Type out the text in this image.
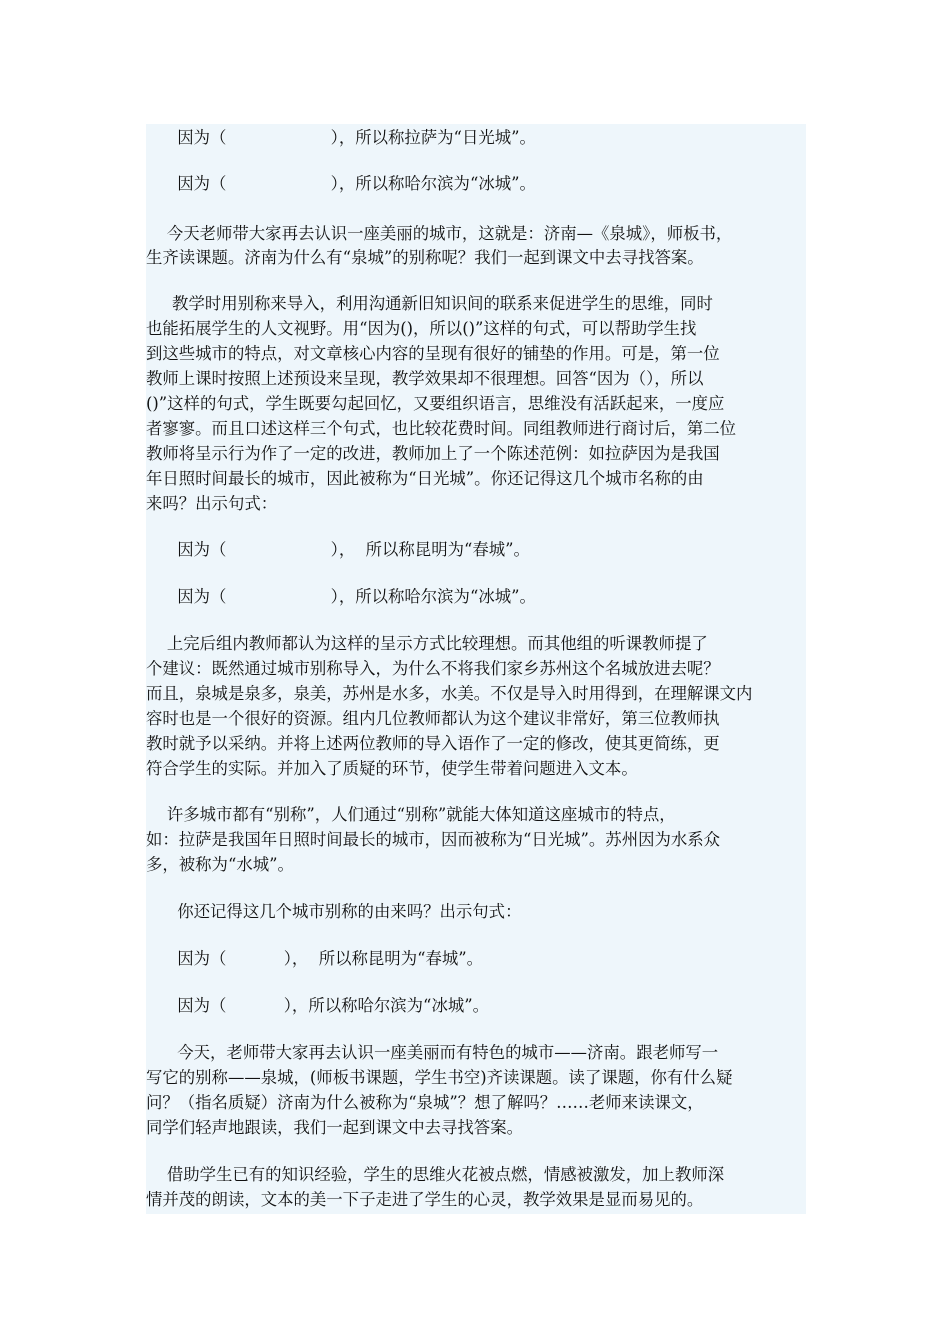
因为（                    ），所以称拉萨为“日光城”。
因为（                    ），所以称哈尔滨为“冰城”。
今天老师带大家再去认识一座美丽的城市，这就是：济南—《泉城》，师板书，
生齐读课题。济南为什么有“泉城”的别称呢？我们一起到课文中去寻找答案。
教学时用别称来导入，利用沟通新旧知识间的联系来促进学生的思维，同时
也能拓展学生的人文视野。用“因为()，所以()”这样的句式，可以帮助学生找
到这些城市的特点，对文章核心内容的呈现有很好的铺垫的作用。可是，第一位
教师上课时按照上述预设来呈现，教学效果却不很理想。回答“因为（），所以
()”这样的句式，学生既要勾起回忆，又要组织语言，思维没有活跃起来，一度应
者寥寥。而且口述这样三个句式，也比较花费时间。同组教师进行商讨后，第二位
教师将呈示行为作了一定的改进，教师加上了一个陈述范例：如拉萨因为是我国
年日照时间最长的城市，因此被称为“日光城”。你还记得这几个城市名称的由
来吗？出示句式：
因为（                    ），  所以称昆明为“春城”。
因为（                    ），所以称哈尔滨为“冰城”。
上完后组内教师都认为这样的呈示方式比较理想。而其他组的听课教师提了
个建议：既然通过城市别称导入，为什么不将我们家乡苏州这个名城放进去呢？
而且，泉城是泉多，泉美，苏州是水多，水美。不仅是导入时用得到，在理解课文内
容时也是一个很好的资源。组内几位教师都认为这个建议非常好，第三位教师执
教时就予以采纳。并将上述两位教师的导入语作了一定的修改，使其更简练，更
符合学生的实际。并加入了质疑的环节，使学生带着问题进入文本。
许多城市都有“别称”，人们通过“别称”就能大体知道这座城市的特点，
如：拉萨是我国年日照时间最长的城市，因而被称为“日光城”。苏州因为水系众
多，被称为“水城”。
你还记得这几个城市别称的由来吗？出示句式：
因为（           ），  所以称昆明为“春城”。
因为（           ），所以称哈尔滨为“冰城”。
今天，老师带大家再去认识一座美丽而有特色的城市——济南。跟老师写一
写它的别称——泉城，(师板书课题，学生书空)齐读课题。读了课题，你有什么疑
问？（指名质疑）济南为什么被称为“泉城”？想了解吗？……老师来读课文，
同学们轻声地跟读，我们一起到课文中去寻找答案。
借助学生已有的知识经验，学生的思维火花被点燃，情感被激发，加上教师深
情并茂的朗读，文本的美一下子走进了学生的心灵，教学效果是显而易见的。
